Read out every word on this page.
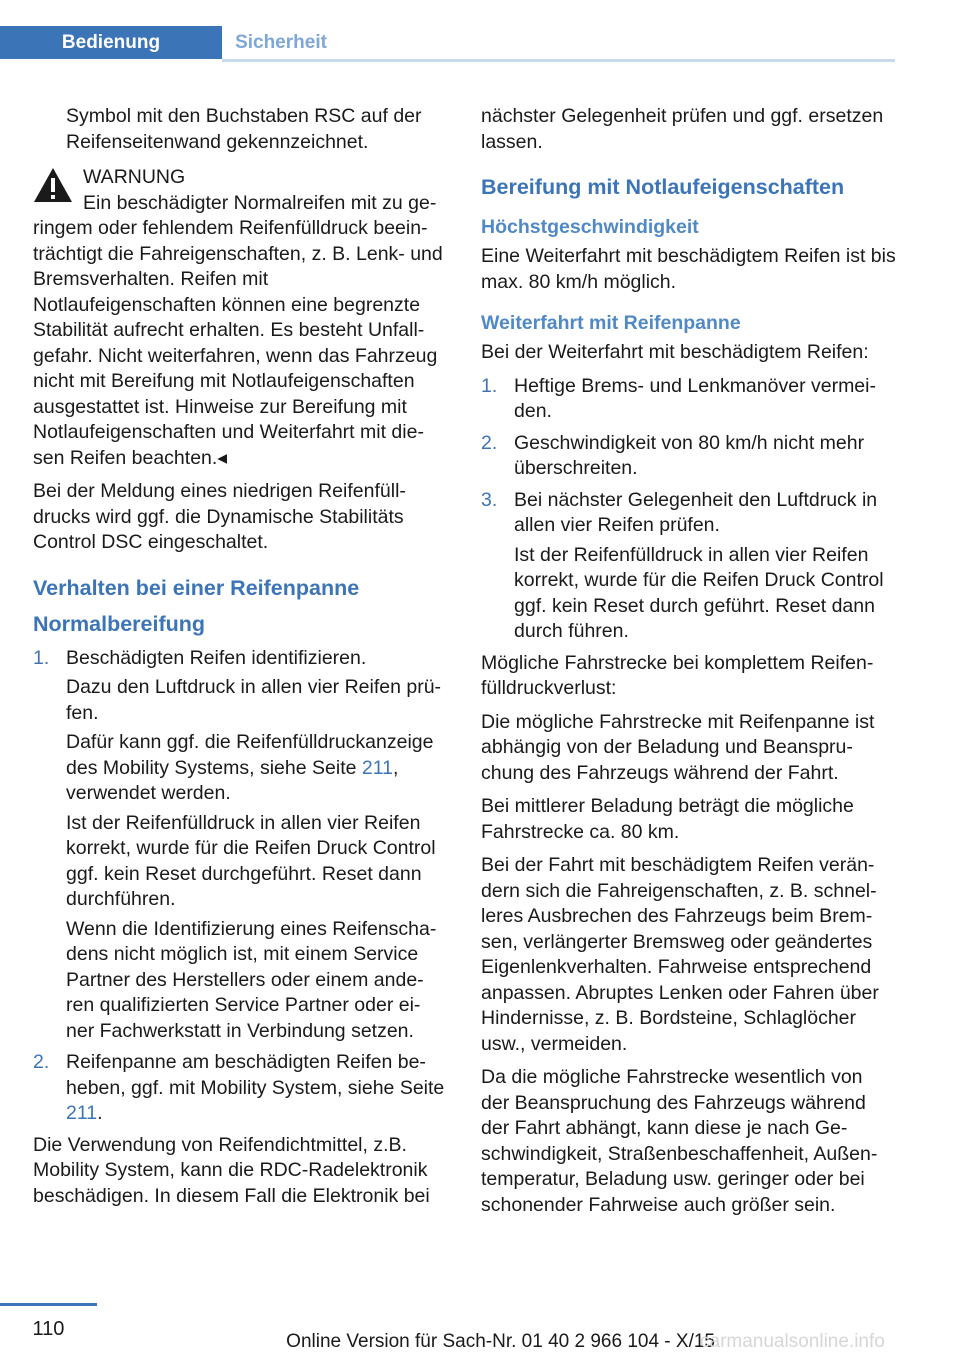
Bedienung	Sicherheit

Symbol mit den Buchstaben RSC auf der Reifenseitenwand gekennzeichnet.

WARNUNG

Ein beschädigter Normalreifen mit zu ge-

ringem oder fehlendem Reifenfülldruck beein-trächtigt die Fahreigenschaften, z. B. Lenk- und Bremsverhalten. Reifen mit Notlaufeigenschaften können eine begrenzte Stabilität aufrecht erhalten. Es besteht Unfall-gefahr. Nicht weiterfahren, wenn das Fahrzeug nicht mit Bereifung mit Notlaufeigenschaften ausgestattet ist. Hinweise zur Bereifung mit Notlaufeigenschaften und Weiterfahrt mit die-sen Reifen beachten.◂

Bei der Meldung eines niedrigen Reifenfüll-drucks wird ggf. die Dynamische Stabilitäts Control DSC eingeschaltet.

Verhalten bei einer Reifenpanne
Normalbereifung
1. Beschädigten Reifen identifizieren.

Dazu den Luftdruck in allen vier Reifen prü-fen.

Dafür kann ggf. die Reifenfülldruckanzeige des Mobility Systems, siehe Seite 211, verwendet werden.

Ist der Reifenfülldruck in allen vier Reifen korrekt, wurde für die Reifen Druck Control ggf. kein Reset durchgeführt. Reset dann durchführen.

Wenn die Identifizierung eines Reifenscha-dens nicht möglich ist, mit einem Service Partner des Herstellers oder einem ande-ren qualifizierten Service Partner oder ei-ner Fachwerkstatt in Verbindung setzen.

2. Reifenpanne am beschädigten Reifen be-heben, ggf. mit Mobility System, siehe Seite 211.

Die Verwendung von Reifendichtmittel, z.B. Mobility System, kann die RDC-Radelektronik beschädigen. In diesem Fall die Elektronik bei

nächster Gelegenheit prüfen und ggf. ersetzen lassen.

Bereifung mit Notlaufeigenschaften
Höchstgeschwindigkeit

Eine Weiterfahrt mit beschädigtem Reifen ist bis max. 80 km/h möglich.

Weiterfahrt mit Reifenpanne

Bei der Weiterfahrt mit beschädigtem Reifen:

1. Heftige Brems- und Lenkmanöver vermei-den.
2. Geschwindigkeit von 80 km/h nicht mehr überschreiten.
3. Bei nächster Gelegenheit den Luftdruck in allen vier Reifen prüfen.

Ist der Reifenfülldruck in allen vier Reifen korrekt, wurde für die Reifen Druck Control ggf. kein Reset durch geführt. Reset dann durch führen.

Mögliche Fahrstrecke bei komplettem Reifen-fülldruckverlust:

Die mögliche Fahrstrecke mit Reifenpanne ist abhängig von der Beladung und Beanspru-chung des Fahrzeugs während der Fahrt.

Bei mittlerer Beladung beträgt die mögliche Fahrstrecke ca. 80 km.

Bei der Fahrt mit beschädigtem Reifen verän-dern sich die Fahreigenschaften, z. B. schnel-leres Ausbrechen des Fahrzeugs beim Brem-sen, verlängerter Bremsweg oder geändertes Eigenlenkverhalten. Fahrweise entsprechend anpassen. Abruptes Lenken oder Fahren über Hindernisse, z. B. Bordsteine, Schlaglöcher usw., vermeiden.

Da die mögliche Fahrstrecke wesentlich von der Beanspruchung des Fahrzeugs während der Fahrt abhängt, kann diese je nach Ge-schwindigkeit, Straßenbeschaffenheit, Außen-temperatur, Beladung usw. geringer oder bei schonender Fahrweise auch größer sein.

110
Online Version für Sach-Nr. 01 40 2 966 104 - X/15
carmanualsonline.info
